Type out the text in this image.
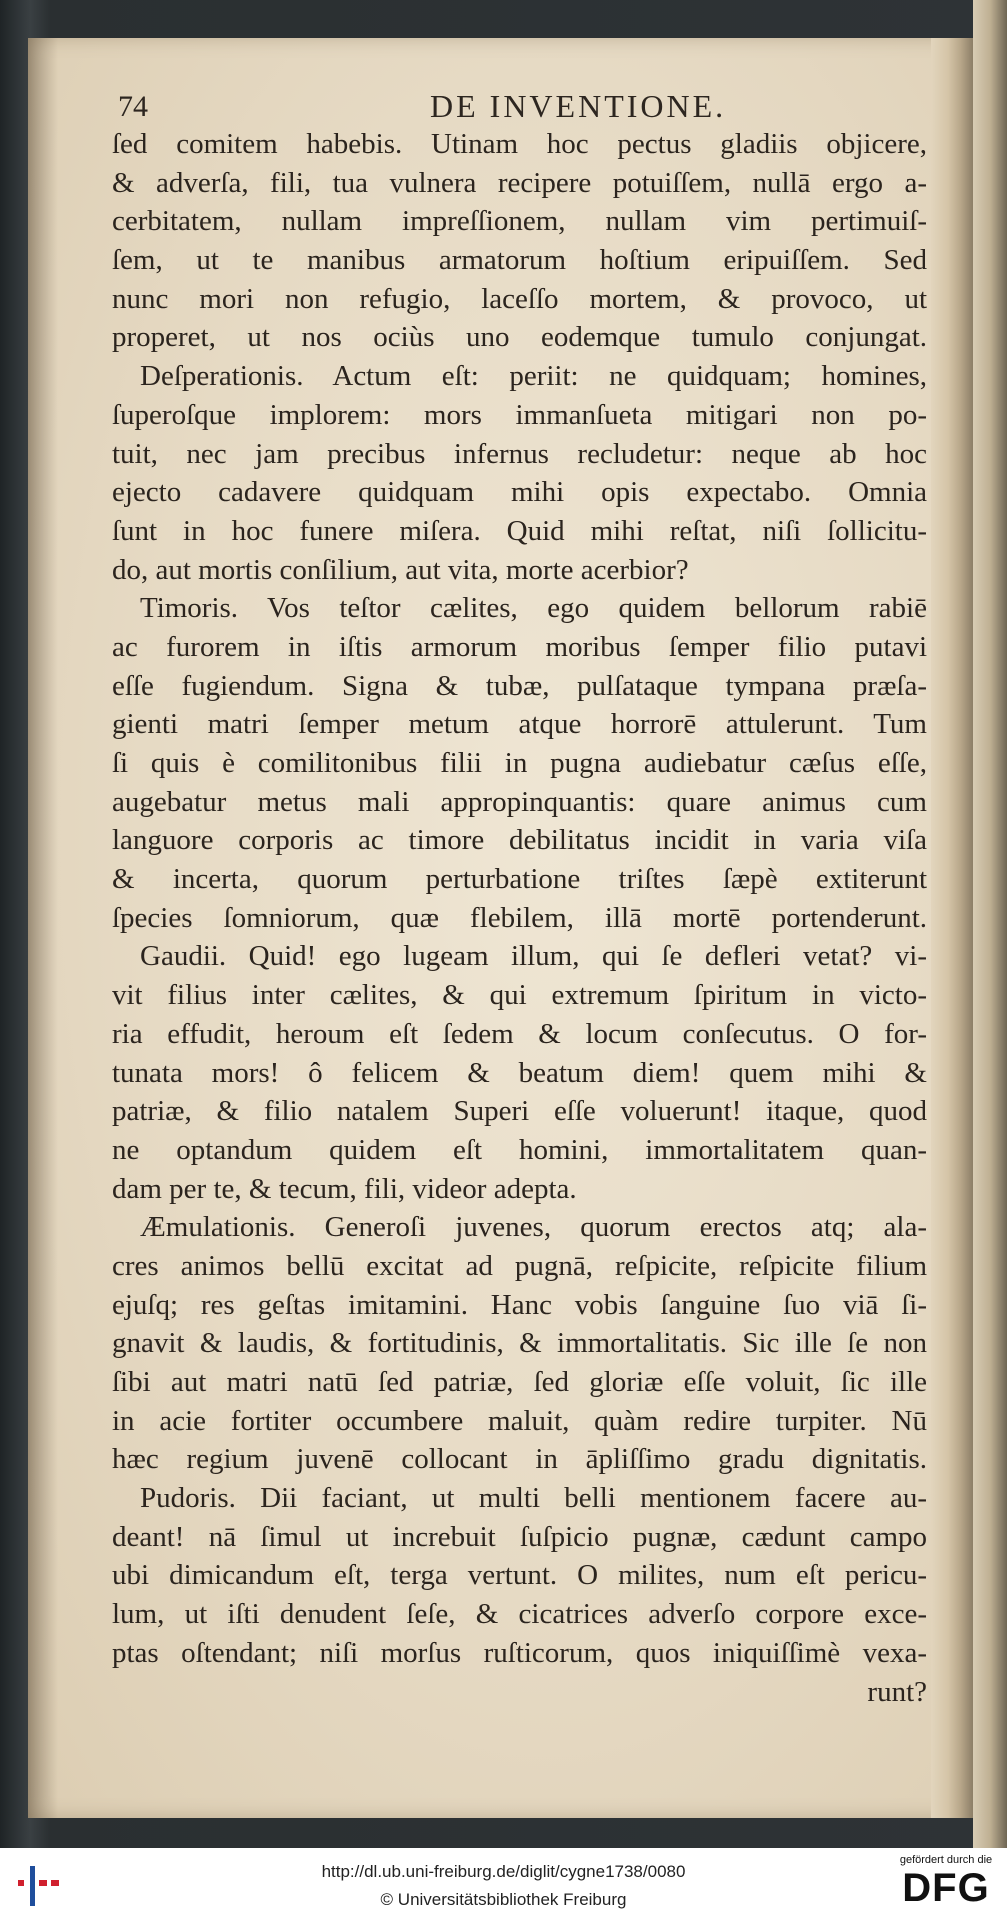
74	DE INVENTIONE.
ſed comitem habebis. Utinam hoc pectus gladiis objicere,
& adverſa, fili, tua vulnera recipere potuiſſem, nullā ergo a-
cerbitatem, nullam impreſſionem, nullam vim pertimuiſ-
ſem, ut te manibus armatorum hoſtium eripuiſſem. Sed
nunc mori non refugio, laceſſo mortem, & provoco, ut
properet, ut nos ociùs uno eodemque tumulo conjungat.
Deſperationis. Actum eſt: periit: ne quidquam; homines,
ſuperoſque implorem: mors immanſueta mitigari non po-
tuit, nec jam precibus infernus recludetur: neque ab hoc
ejecto cadavere quidquam mihi opis expectabo. Omnia
ſunt in hoc funere miſera. Quid mihi reſtat, niſi ſollicitu-
do, aut mortis conſilium, aut vita, morte acerbior?
Timoris. Vos teſtor cælites, ego quidem bellorum rabiē
ac furorem in iſtis armorum moribus ſemper filio putavi
eſſe fugiendum. Signa & tubæ, pulſataque tympana præſa-
gienti matri ſemper metum atque horrorē attulerunt. Tum
ſi quis è comilitonibus filii in pugna audiebatur cæſus eſſe,
augebatur metus mali appropinquantis: quare animus cum
languore corporis ac timore debilitatus incidit in varia viſa
& incerta, quorum perturbatione triſtes ſæpè extiterunt
ſpecies ſomniorum, quæ flebilem, illā mortē portenderunt.
Gaudii. Quid! ego lugeam illum, qui ſe defleri vetat? vi-
vit filius inter cælites, & qui extremum ſpiritum in victo-
ria effudit, heroum eſt ſedem & locum conſecutus. O for-
tunata mors! ô felicem & beatum diem! quem mihi &
patriæ, & filio natalem Superi eſſe voluerunt! itaque, quod
ne optandum quidem eſt homini, immortalitatem quan-
dam per te, & tecum, fili, videor adepta.
Æmulationis. Generoſi juvenes, quorum erectos atq; ala-
cres animos bellū excitat ad pugnā, reſpicite, reſpicite filium
ejuſq; res geſtas imitamini. Hanc vobis ſanguine ſuo viā ſi-
gnavit & laudis, & fortitudinis, & immortalitatis. Sic ille ſe non
ſibi aut matri natū ſed patriæ, ſed gloriæ eſſe voluit, ſic ille
in acie fortiter occumbere maluit, quàm redire turpiter. Nū
hæc regium juvenē collocant in āpliſſimo gradu dignitatis.
Pudoris. Dii faciant, ut multi belli mentionem facere au-
deant! nā ſimul ut increbuit ſuſpicio pugnæ, cædunt campo
ubi dimicandum eſt, terga vertunt. O milites, num eſt pericu-
lum, ut iſti denudent ſeſe, & cicatrices adverſo corpore exce-
ptas oſtendant; niſi morſus ruſticorum, quos iniquiſſimè vexa-
runt?
http://dl.ub.uni-freiburg.de/diglit/cygne1738/0080
© Universitätsbibliothek Freiburg
gefördert durch die
DFG
